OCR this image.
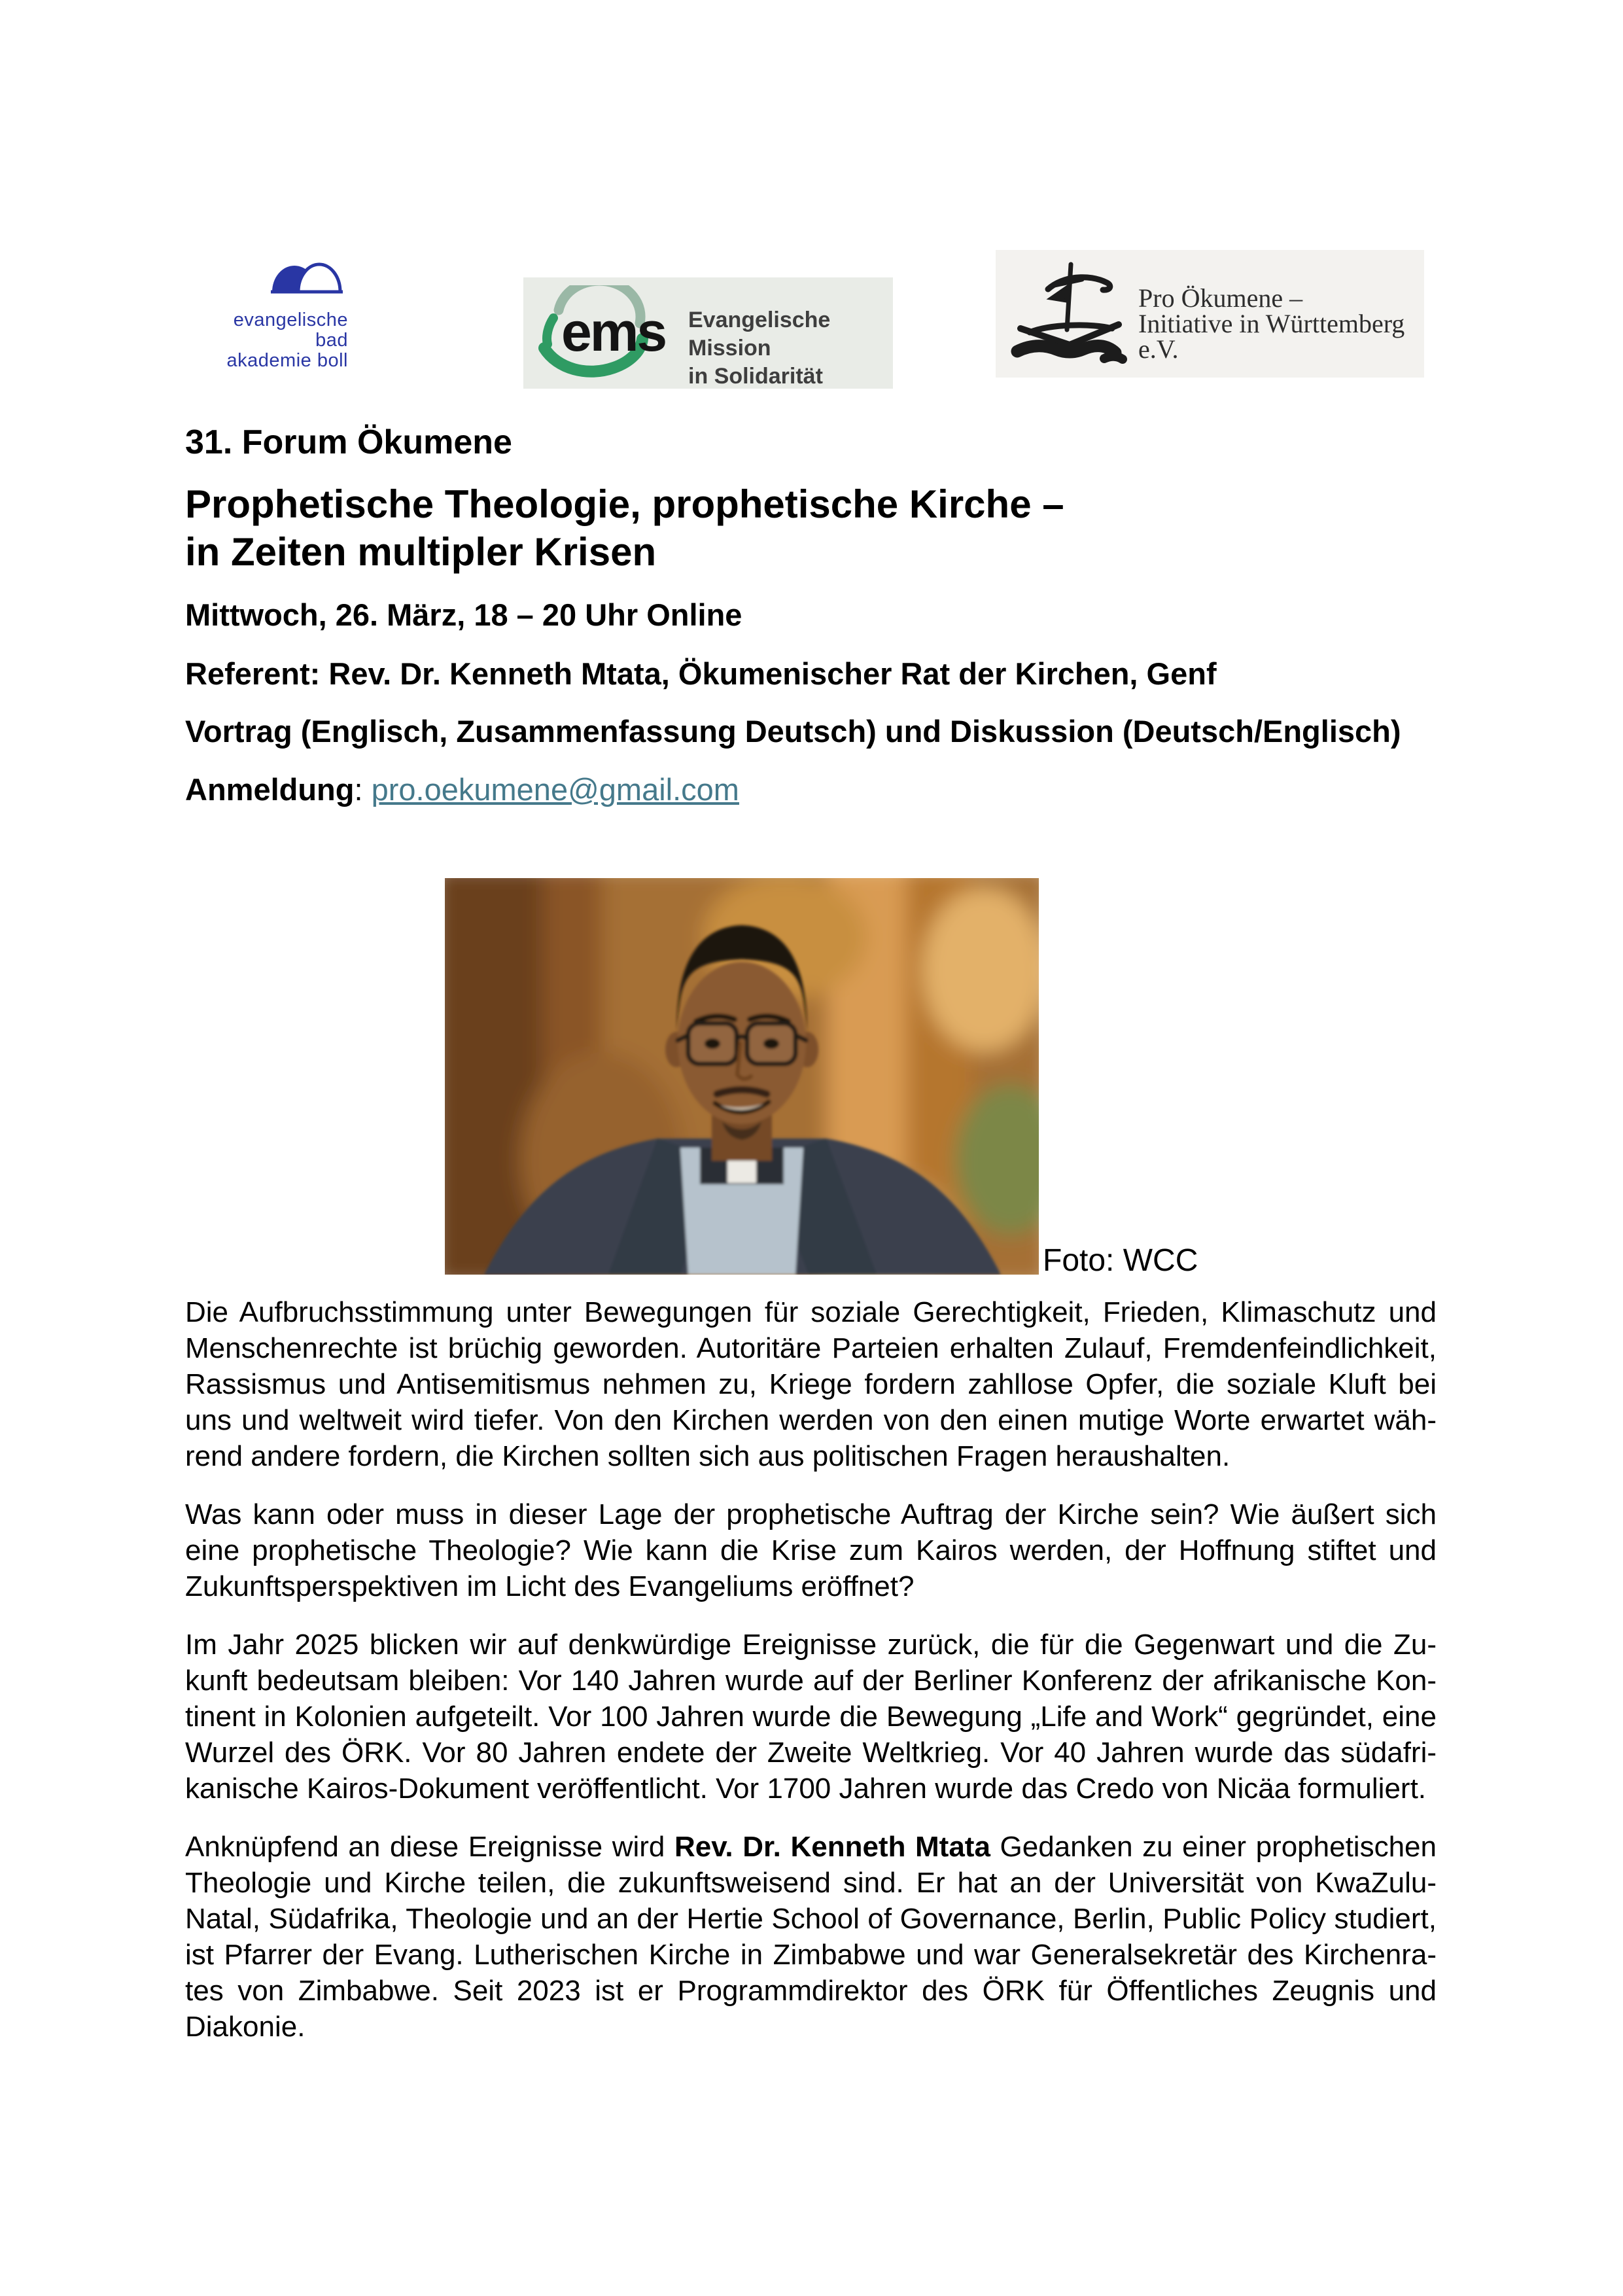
evangelische bad
akademie boll	ems Evangelische Mission
in Solidarität
Pro Ökumene –
Initiative in Württemberg e.V.
31. Forum Ökumene
Prophetische Theologie, prophetische Kirche –
in Zeiten multipler Krisen
Mittwoch, 26. März, 18 – 20 Uhr Online
Referent: Rev. Dr. Kenneth Mtata, Ökumenischer Rat der Kirchen, Genf
Vortrag (Englisch, Zusammenfassung Deutsch) und Diskussion (Deutsch/Englisch)
Anmeldung: pro.oekumene@gmail.com
Foto: WCC
Die Aufbruchsstimmung unter Bewegungen für soziale Gerechtigkeit, Frieden, Klimaschutz und
Menschenrechte ist brüchig geworden. Autoritäre Parteien erhalten Zulauf, Fremdenfeindlichkeit,
Rassismus und Antisemitismus nehmen zu, Kriege fordern zahllose Opfer, die soziale Kluft bei
uns und weltweit wird tiefer. Von den Kirchen werden von den einen mutige Worte erwartet wäh-
rend andere fordern, die Kirchen sollten sich aus politischen Fragen heraushalten.
Was kann oder muss in dieser Lage der prophetische Auftrag der Kirche sein? Wie äußert sich
eine prophetische Theologie? Wie kann die Krise zum Kairos werden, der Hoffnung stiftet und
Zukunftsperspektiven im Licht des Evangeliums eröffnet?
Im Jahr 2025 blicken wir auf denkwürdige Ereignisse zurück, die für die Gegenwart und die Zu-
kunft bedeutsam bleiben: Vor 140 Jahren wurde auf der Berliner Konferenz der afrikanische Kon-
tinent in Kolonien aufgeteilt. Vor 100 Jahren wurde die Bewegung „Life and Work“ gegründet, eine
Wurzel des ÖRK. Vor 80 Jahren endete der Zweite Weltkrieg. Vor 40 Jahren wurde das südafri-
kanische Kairos-Dokument veröffentlicht. Vor 1700 Jahren wurde das Credo von Nicäa formuliert.
Anknüpfend an diese Ereignisse wird Rev. Dr. Kenneth Mtata Gedanken zu einer prophetischen
Theologie und Kirche teilen, die zukunftsweisend sind. Er hat an der Universität von KwaZulu-
Natal, Südafrika, Theologie und an der Hertie School of Governance, Berlin, Public Policy studiert,
ist Pfarrer der Evang. Lutherischen Kirche in Zimbabwe und war Generalsekretär des Kirchenra-
tes von Zimbabwe. Seit 2023 ist er Programmdirektor des ÖRK für Öffentliches Zeugnis und
Diakonie.
